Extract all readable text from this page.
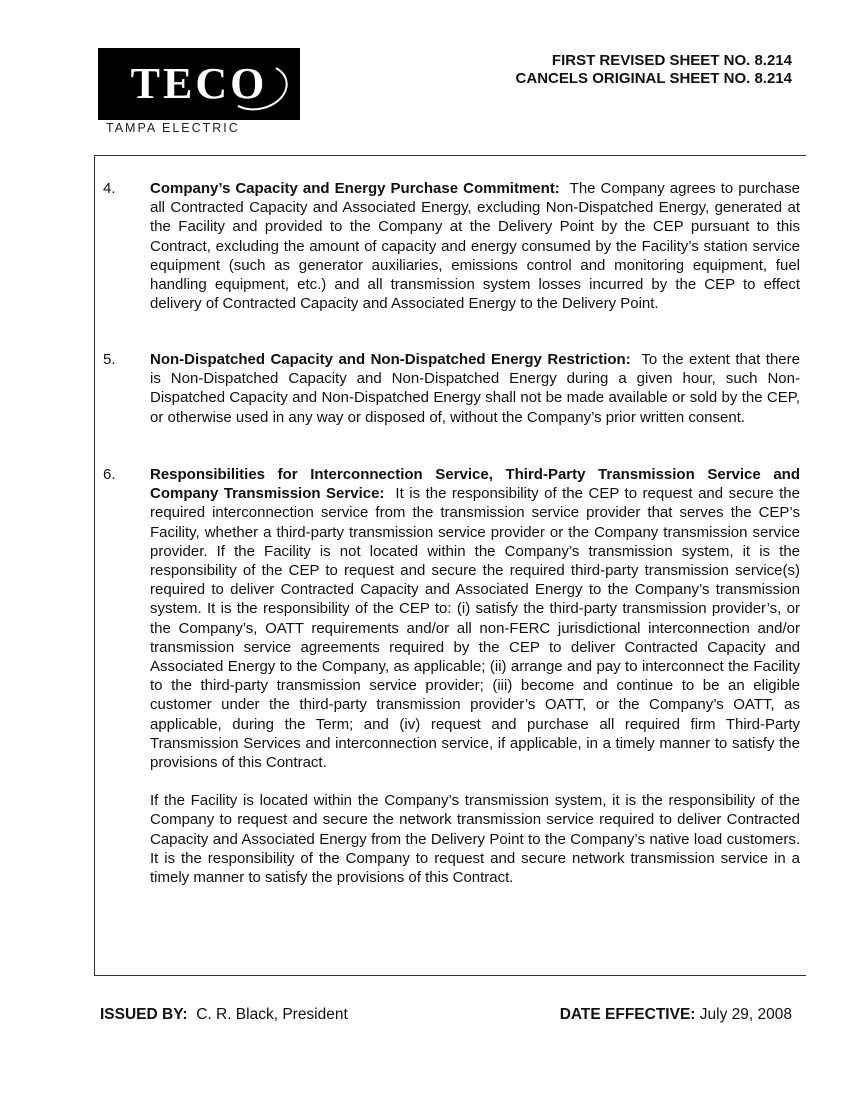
TECO
TAMPA ELECTRIC
FIRST REVISED SHEET NO. 8.214
CANCELS ORIGINAL SHEET NO. 8.214
4. Company’s Capacity and Energy Purchase Commitment: The Company agrees to purchase all Contracted Capacity and Associated Energy, excluding Non-Dispatched Energy, generated at the Facility and provided to the Company at the Delivery Point by the CEP pursuant to this Contract, excluding the amount of capacity and energy consumed by the Facility’s station service equipment (such as generator auxiliaries, emissions control and monitoring equipment, fuel handling equipment, etc.) and all transmission system losses incurred by the CEP to effect delivery of Contracted Capacity and Associated Energy to the Delivery Point.

5. Non-Dispatched Capacity and Non-Dispatched Energy Restriction: To the extent that there is Non-Dispatched Capacity and Non-Dispatched Energy during a given hour, such Non-Dispatched Capacity and Non-Dispatched Energy shall not be made available or sold by the CEP, or otherwise used in any way or disposed of, without the Company’s prior written consent.

6. Responsibilities for Interconnection Service, Third-Party Transmission Service and Company Transmission Service: It is the responsibility of the CEP to request and secure the required interconnection service from the transmission service provider that serves the CEP’s Facility, whether a third-party transmission service provider or the Company transmission service provider. If the Facility is not located within the Company’s transmission system, it is the responsibility of the CEP to request and secure the required third-party transmission service(s) required to deliver Contracted Capacity and Associated Energy to the Company’s transmission system. It is the responsibility of the CEP to: (i) satisfy the third-party transmission provider’s, or the Company’s, OATT requirements and/or all non-FERC jurisdictional interconnection and/or transmission service agreements required by the CEP to deliver Contracted Capacity and Associated Energy to the Company, as applicable; (ii) arrange and pay to interconnect the Facility to the third-party transmission service provider; (iii) become and continue to be an eligible customer under the third-party transmission provider’s OATT, or the Company’s OATT, as applicable, during the Term; and (iv) request and purchase all required firm Third-Party Transmission Services and interconnection service, if applicable, in a timely manner to satisfy the provisions of this Contract.

If the Facility is located within the Company’s transmission system, it is the responsibility of the Company to request and secure the network transmission service required to deliver Contracted Capacity and Associated Energy from the Delivery Point to the Company’s native load customers. It is the responsibility of the Company to request and secure network transmission service in a timely manner to satisfy the provisions of this Contract.

ISSUED BY: C. R. Black, President	DATE EFFECTIVE: July 29, 2008
